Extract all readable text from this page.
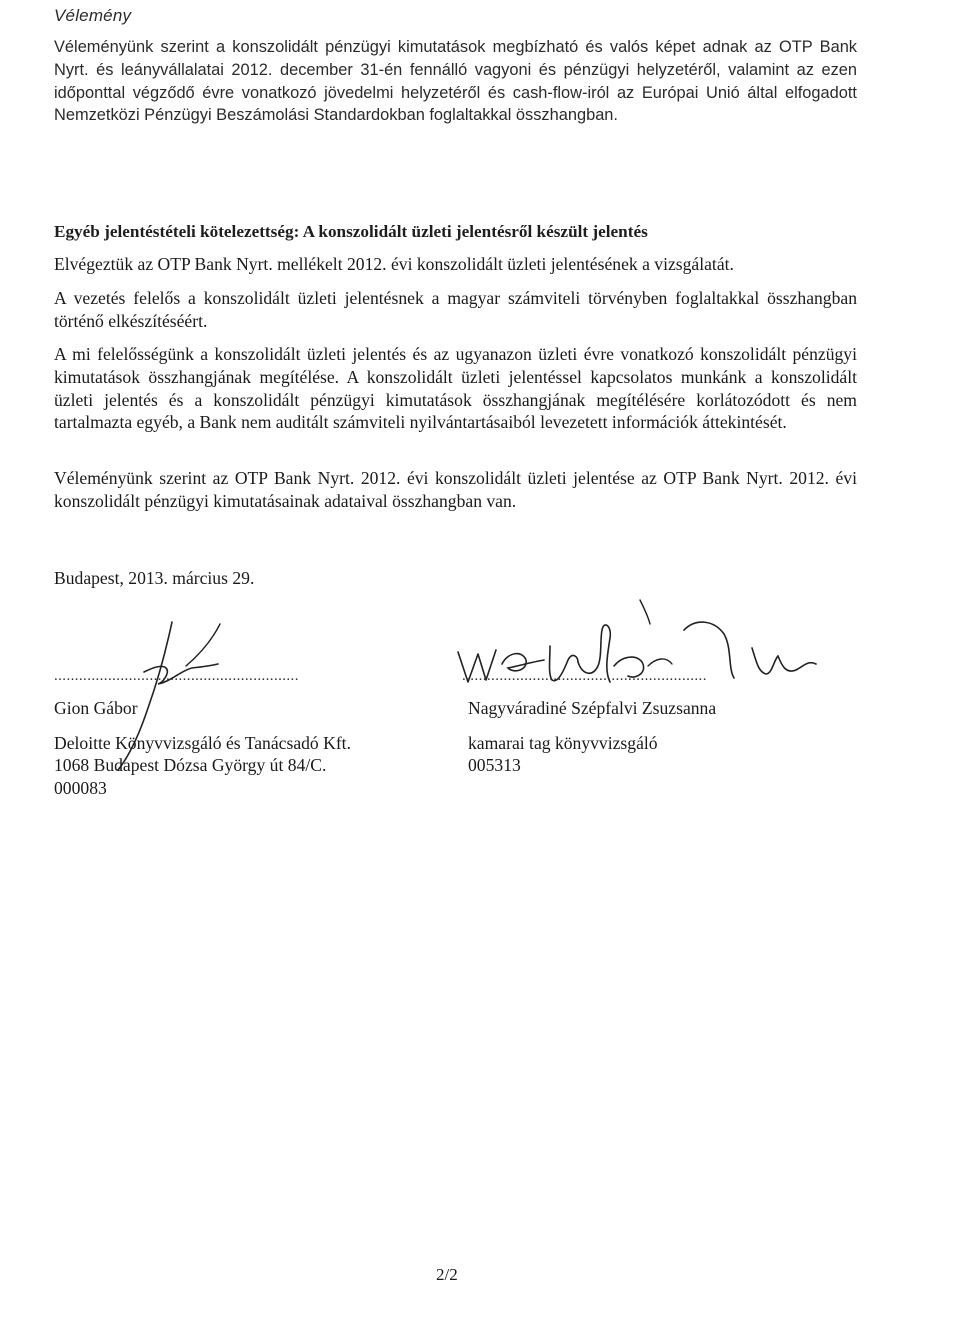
Vélemény

Véleményünk szerint a konszolidált pénzügyi kimutatások megbízható és valós képet adnak az OTP Bank Nyrt. és leányvállalatai 2012. december 31-én fennálló vagyoni és pénzügyi helyzetéről, valamint az ezen időponttal végződő évre vonatkozó jövedelmi helyzetéről és cash-flow-iról az Európai Unió által elfogadott Nemzetközi Pénzügyi Beszámolási Standardokban foglaltakkal összhangban.

Egyéb jelentéstételi kötelezettség: A konszolidált üzleti jelentésről készült jelentés

Elvégeztük az OTP Bank Nyrt. mellékelt 2012. évi konszolidált üzleti jelentésének a vizsgálatát.

A vezetés felelős a konszolidált üzleti jelentésnek a magyar számviteli törvényben foglaltakkal összhangban történő elkészítéséért.

A mi felelősségünk a konszolidált üzleti jelentés és az ugyanazon üzleti évre vonatkozó konszolidált pénzügyi kimutatások összhangjának megítélése. A konszolidált üzleti jelentéssel kapcsolatos munkánk a konszolidált üzleti jelentés és a konszolidált pénzügyi kimutatások összhangjának megítélésére korlátozódott és nem tartalmazta egyéb, a Bank nem auditált számviteli nyilvántartásaiból levezetett információk áttekintését.

Véleményünk szerint az OTP Bank Nyrt. 2012. évi konszolidált üzleti jelentése az OTP Bank Nyrt. 2012. évi konszolidált pénzügyi kimutatásainak adataival összhangban van.

Budapest, 2013. március 29.
...........................................................
Gion Gábor
Deloitte Könyvvizsgáló és Tanácsadó Kft.
1068 Budapest Dózsa György út 84/C.
000083
...........................................................
Nagyváradiné Szépfalvi Zsuzsanna
kamarai tag könyvvizsgáló
005313
2/2
